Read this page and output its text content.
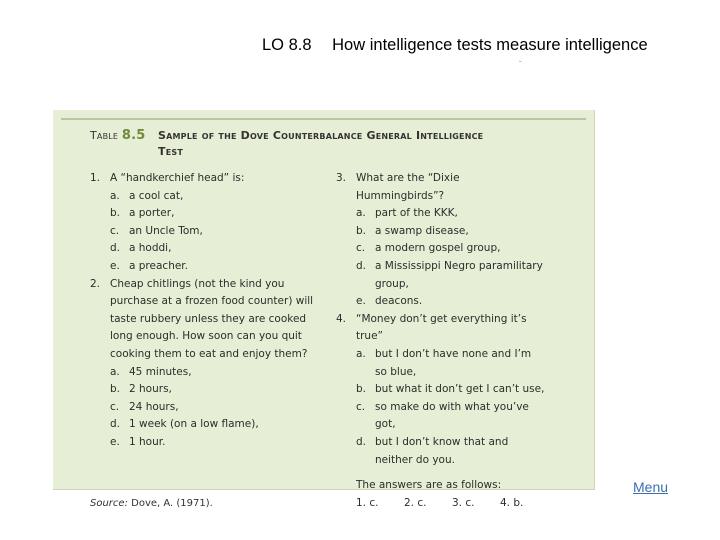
LO 8.8 How intelligence tests measure intelligence
ˇ
Table 8.5 Sample of the Dove Counterbalance General Intelligence Test
1. A “handkerchief head” is:
a. a cool cat,
b. a porter,
c. an Uncle Tom,
d. a hoddi,
e. a preacher.
2. Cheap chitlings (not the kind you purchase at a frozen food counter) will taste rubbery unless they are cooked long enough. How soon can you quit cooking them to eat and enjoy them?
a. 45 minutes,
b. 2 hours,
c. 24 hours,
d. 1 week (on a low flame),
e. 1 hour.
3. What are the “Dixie Hummingbirds”?
a. part of the KKK,
b. a swamp disease,
c. a modern gospel group,
d. a Mississippi Negro paramilitary group,
e. deacons.
4. “Money don’t get everything it’s true”
a. but I don’t have none and I’m so blue,
b. but what it don’t get I can’t use,
c. so make do with what you’ve got,
d. but I don’t know that and neither do you.
The answers are as follows:
1. c. 2. c. 3. c. 4. b.
Source: Dove, A. (1971).
Menu
